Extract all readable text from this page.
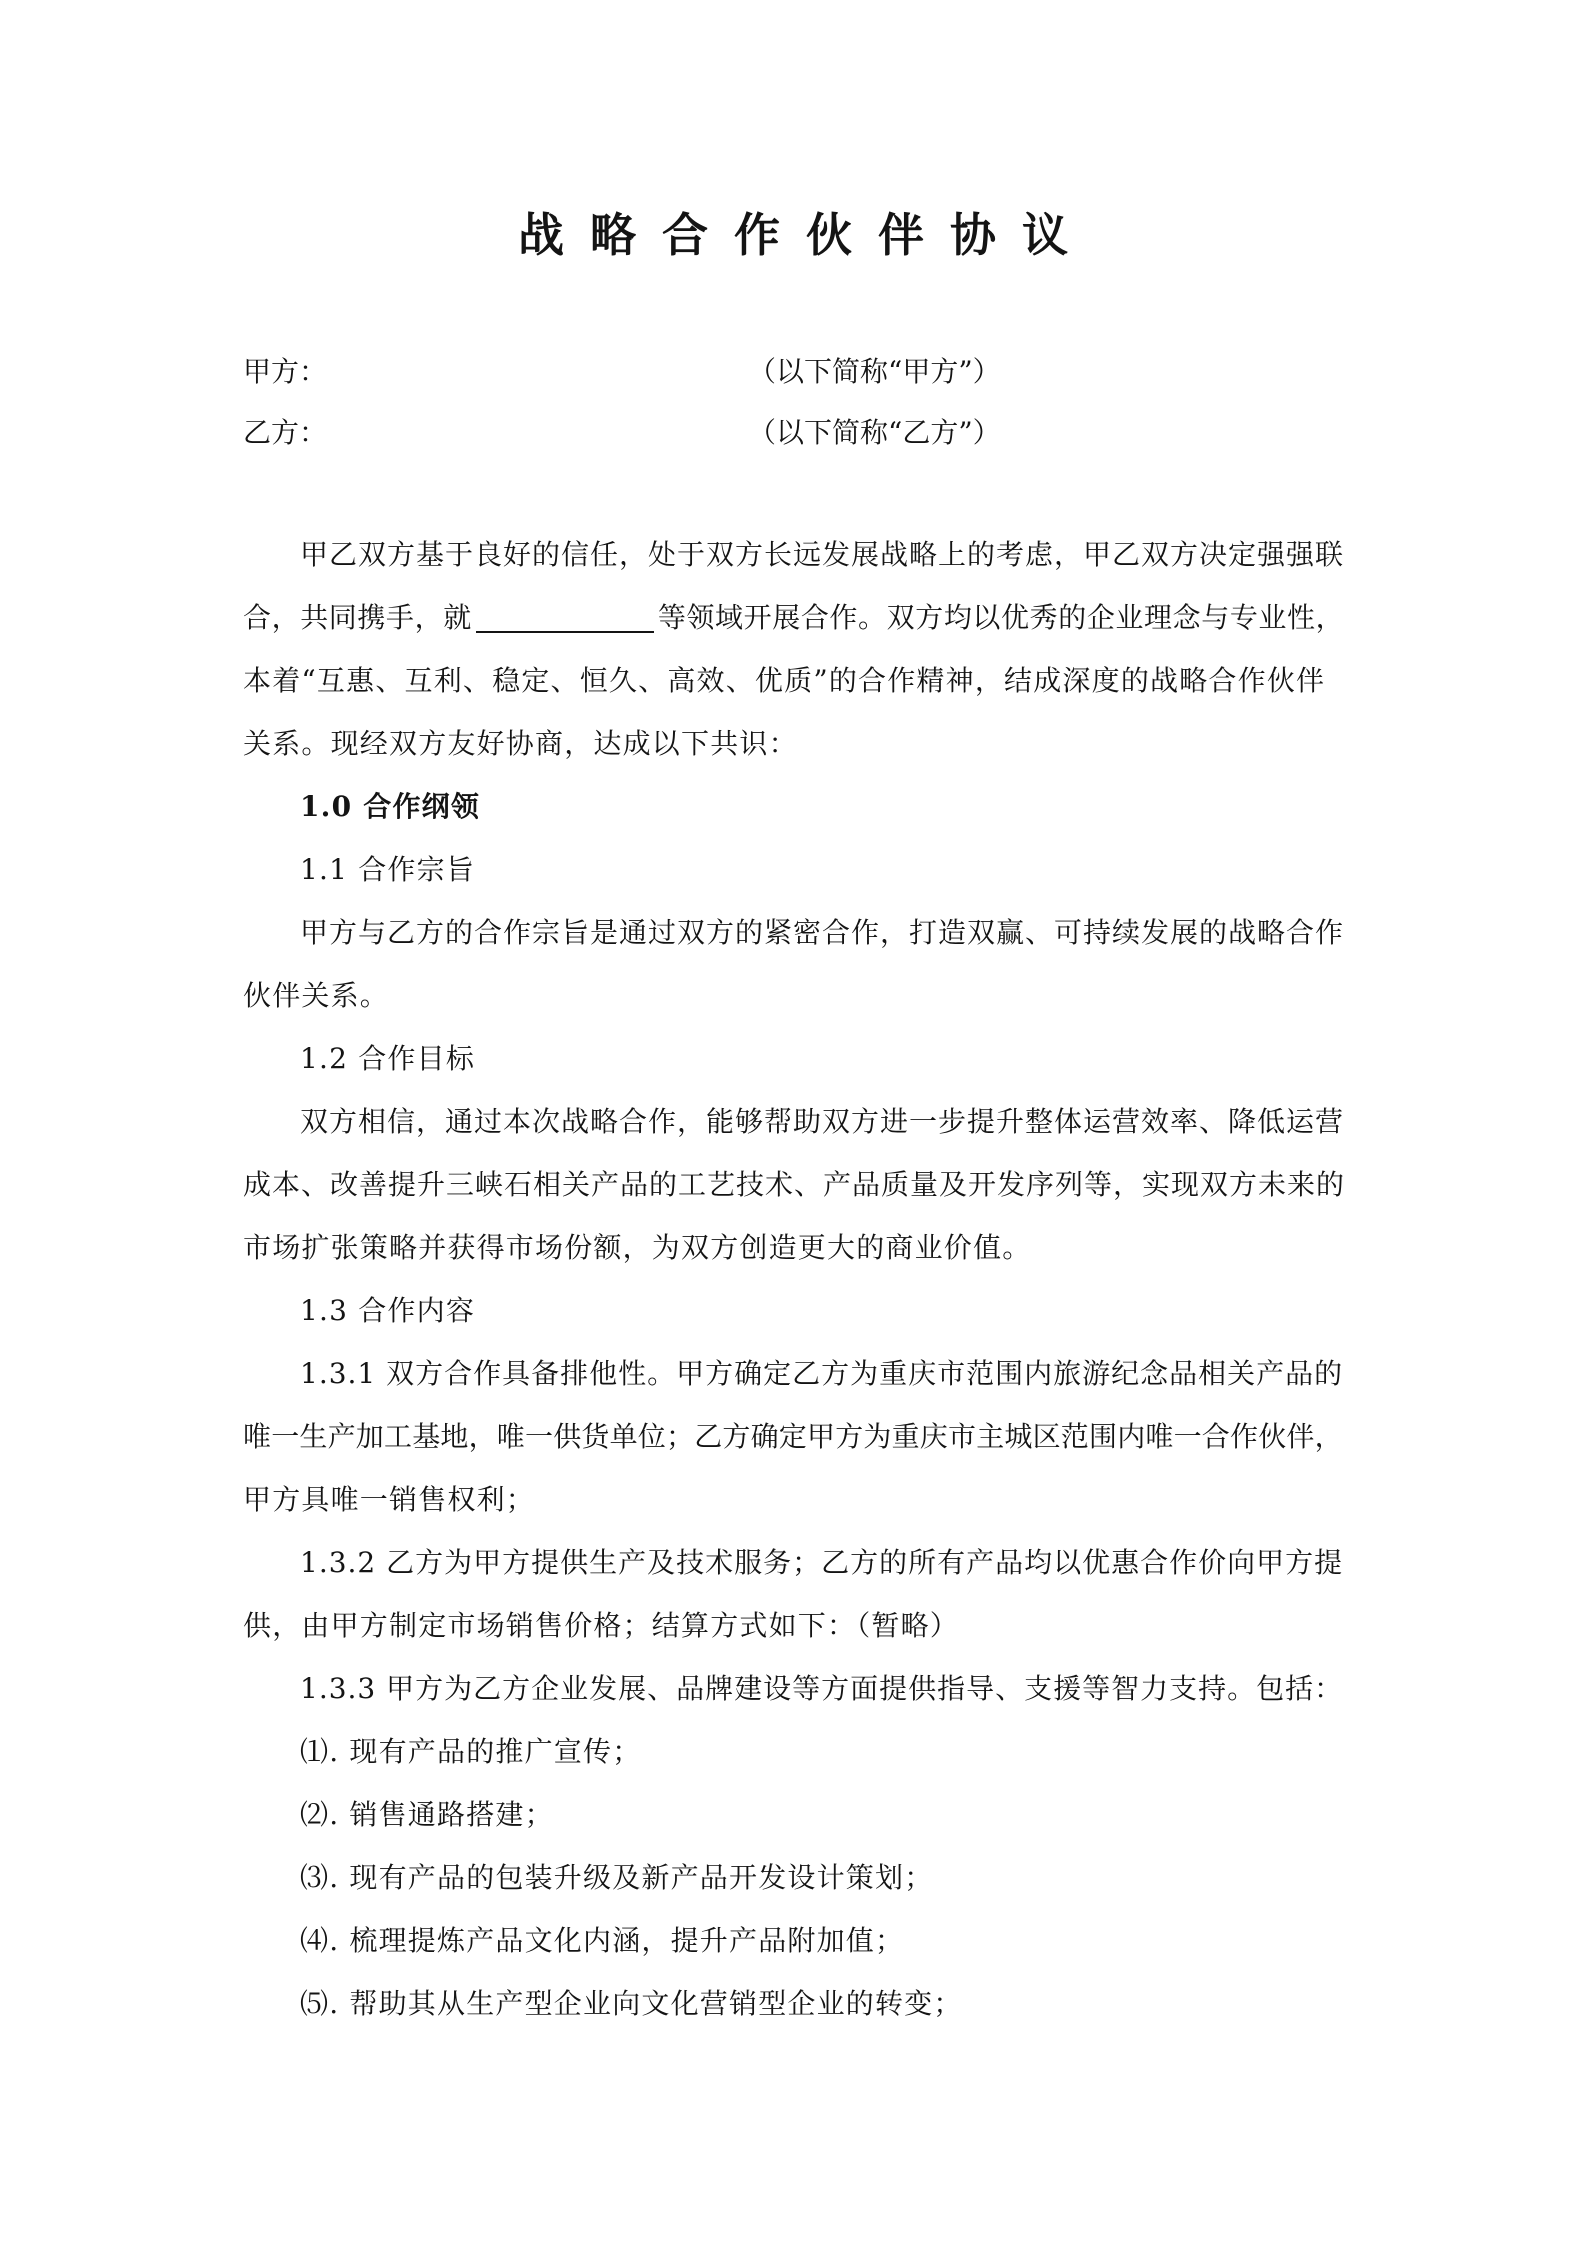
战略合作伙伴协议
甲方：	（以下简称“甲方”）
乙方：	（以下简称“乙方”）
甲乙双方基于良好的信任，处于双方长远发展战略上的考虑，甲乙双方决定强强联
合，共同携手，就	等领域开展合作。双方均以优秀的企业理念与专业性，
本着“互惠、互利、稳定、恒久、高效、优质”的合作精神，结成深度的战略合作伙伴
关系。现经双方友好协商，达成以下共识：
1.0 合作纲领
1.1 合作宗旨
甲方与乙方的合作宗旨是通过双方的紧密合作，打造双赢、可持续发展的战略合作
伙伴关系。
1.2 合作目标
双方相信，通过本次战略合作，能够帮助双方进一步提升整体运营效率、降低运营
成本、改善提升三峡石相关产品的工艺技术、产品质量及开发序列等，实现双方未来的
市场扩张策略并获得市场份额，为双方创造更大的商业价值。
1.3 合作内容
1.3.1 双方合作具备排他性。甲方确定乙方为重庆市范围内旅游纪念品相关产品的
唯一生产加工基地，唯一供货单位；乙方确定甲方为重庆市主城区范围内唯一合作伙伴，
甲方具唯一销售权利；
1.3.2 乙方为甲方提供生产及技术服务；乙方的所有产品均以优惠合作价向甲方提
供，由甲方制定市场销售价格；结算方式如下：（暂略）
1.3.3 甲方为乙方企业发展、品牌建设等方面提供指导、支援等智力支持。包括：
⑴. 现有产品的推广宣传；
⑵. 销售通路搭建；
⑶. 现有产品的包装升级及新产品开发设计策划；
⑷. 梳理提炼产品文化内涵，提升产品附加值；
⑸. 帮助其从生产型企业向文化营销型企业的转变；
